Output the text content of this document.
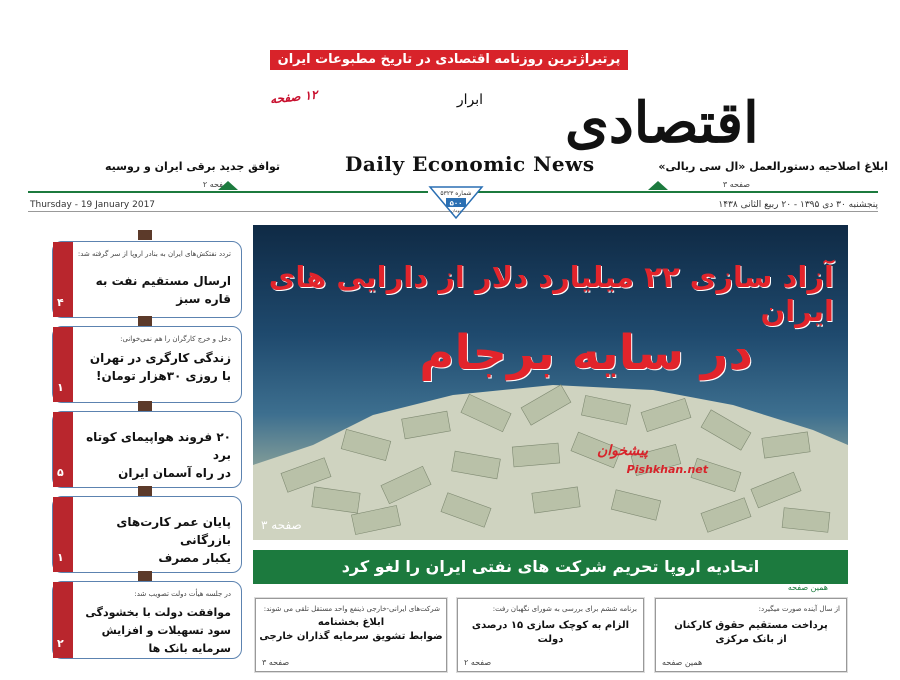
پرتیراژترین روزنامه اقتصادی در تاریخ مطبوعات ایران
۱۲ صفحه	اقتصادی
ابرار
Daily Economic News
توافق جدید برقی ایران و روسیه
صفحه ۲
ابلاغ اصلاحیه دستورالعمل «ال سی ریالی»
صفحه ۳
Thursday - 19 January 2017	پنجشنبه ۳۰ دی ۱۳۹۵ - ۲۰ ربیع الثانی ۱۴۳۸
شماره ۵۳۲۳
۵۰۰
تومان
آزاد سازی ۲۲ میلیارد دلار از دارایی های ایران
در سایه برجام
پیشخوان
Pishkhan.net
صفحه ۳
اتحادیه اروپا تحریم شرکت های نفتی ایران را لغو کرد
همین صفحه
از سال آینده صورت میگیرد:
پرداخت مستقیم حقوق کارکنان
از بانک مرکزی
همین صفحه
برنامه ششم برای بررسی به شورای نگهبان رفت:
الزام به کوچک سازی ۱۵ درصدی دولت
صفحه ۲
شرکت‌های ایرانی-خارجی ذینفع واحد مستقل تلقی می شوند:
ابلاغ بخشنامه
ضوابط تشویق سرمایه گذاران خارجی
صفحه ۳
۴
تردد نفتکش‌های ایران به بنادر اروپا از سر گرفته شد:
ارسال مستقیم نفت به قاره سبز
۱
دخل و خرج کارگران را هم نمی‌خوانی:
زندگی کارگری در تهران
با روزی ۳۰هزار تومان!
۵
۲۰ فروند هواپیمای کوتاه برد
در راه آسمان ایران
۱
پایان عمر کارت‌های بازرگانی
یکبار مصرف
۲
در جلسه هیأت دولت تصویب شد:
موافقت دولت با بخشودگی
سود تسهیلات و افزایش سرمایه بانک ها
